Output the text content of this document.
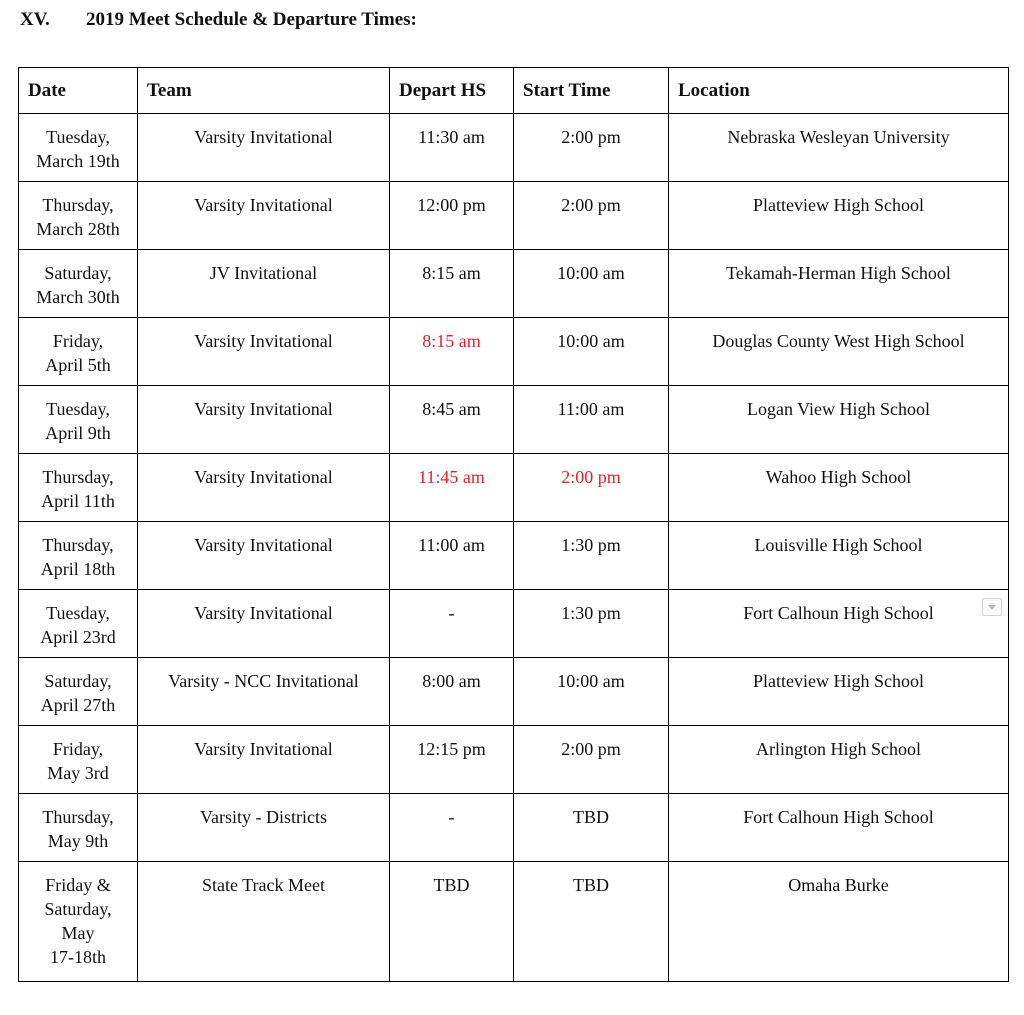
XV. 2019 Meet Schedule & Departure Times:
Date	Team	Depart HS	Start Time	Location

Tuesday,
March 19th	Varsity Invitational	11:30 am	2:00 pm	Nebraska Wesleyan University

Thursday,
March 28th	Varsity Invitational	12:00 pm	2:00 pm	Platteview High School

Saturday,
March 30th	JV Invitational	8:15 am	10:00 am	Tekamah-Herman High School

Friday,
April 5th	Varsity Invitational	8:15 am	10:00 am	Douglas County West High School

Tuesday,
April 9th	Varsity Invitational	8:45 am	11:00 am	Logan View High School

Thursday,
April 11th	Varsity Invitational	11:45 am	2:00 pm	Wahoo High School

Thursday,
April 18th	Varsity Invitational	11:00 am	1:30 pm	Louisville High School

Tuesday,
April 23rd	Varsity Invitational	-	1:30 pm	Fort Calhoun High School

Saturday,
April 27th	Varsity - NCC Invitational	8:00 am	10:00 am	Platteview High School

Friday,
May 3rd	Varsity Invitational	12:15 pm	2:00 pm	Arlington High School

Thursday,
May 9th	Varsity - Districts	-	TBD	Fort Calhoun High School

Friday &
Saturday,
May
17-18th	State Track Meet	TBD	TBD	Omaha Burke
